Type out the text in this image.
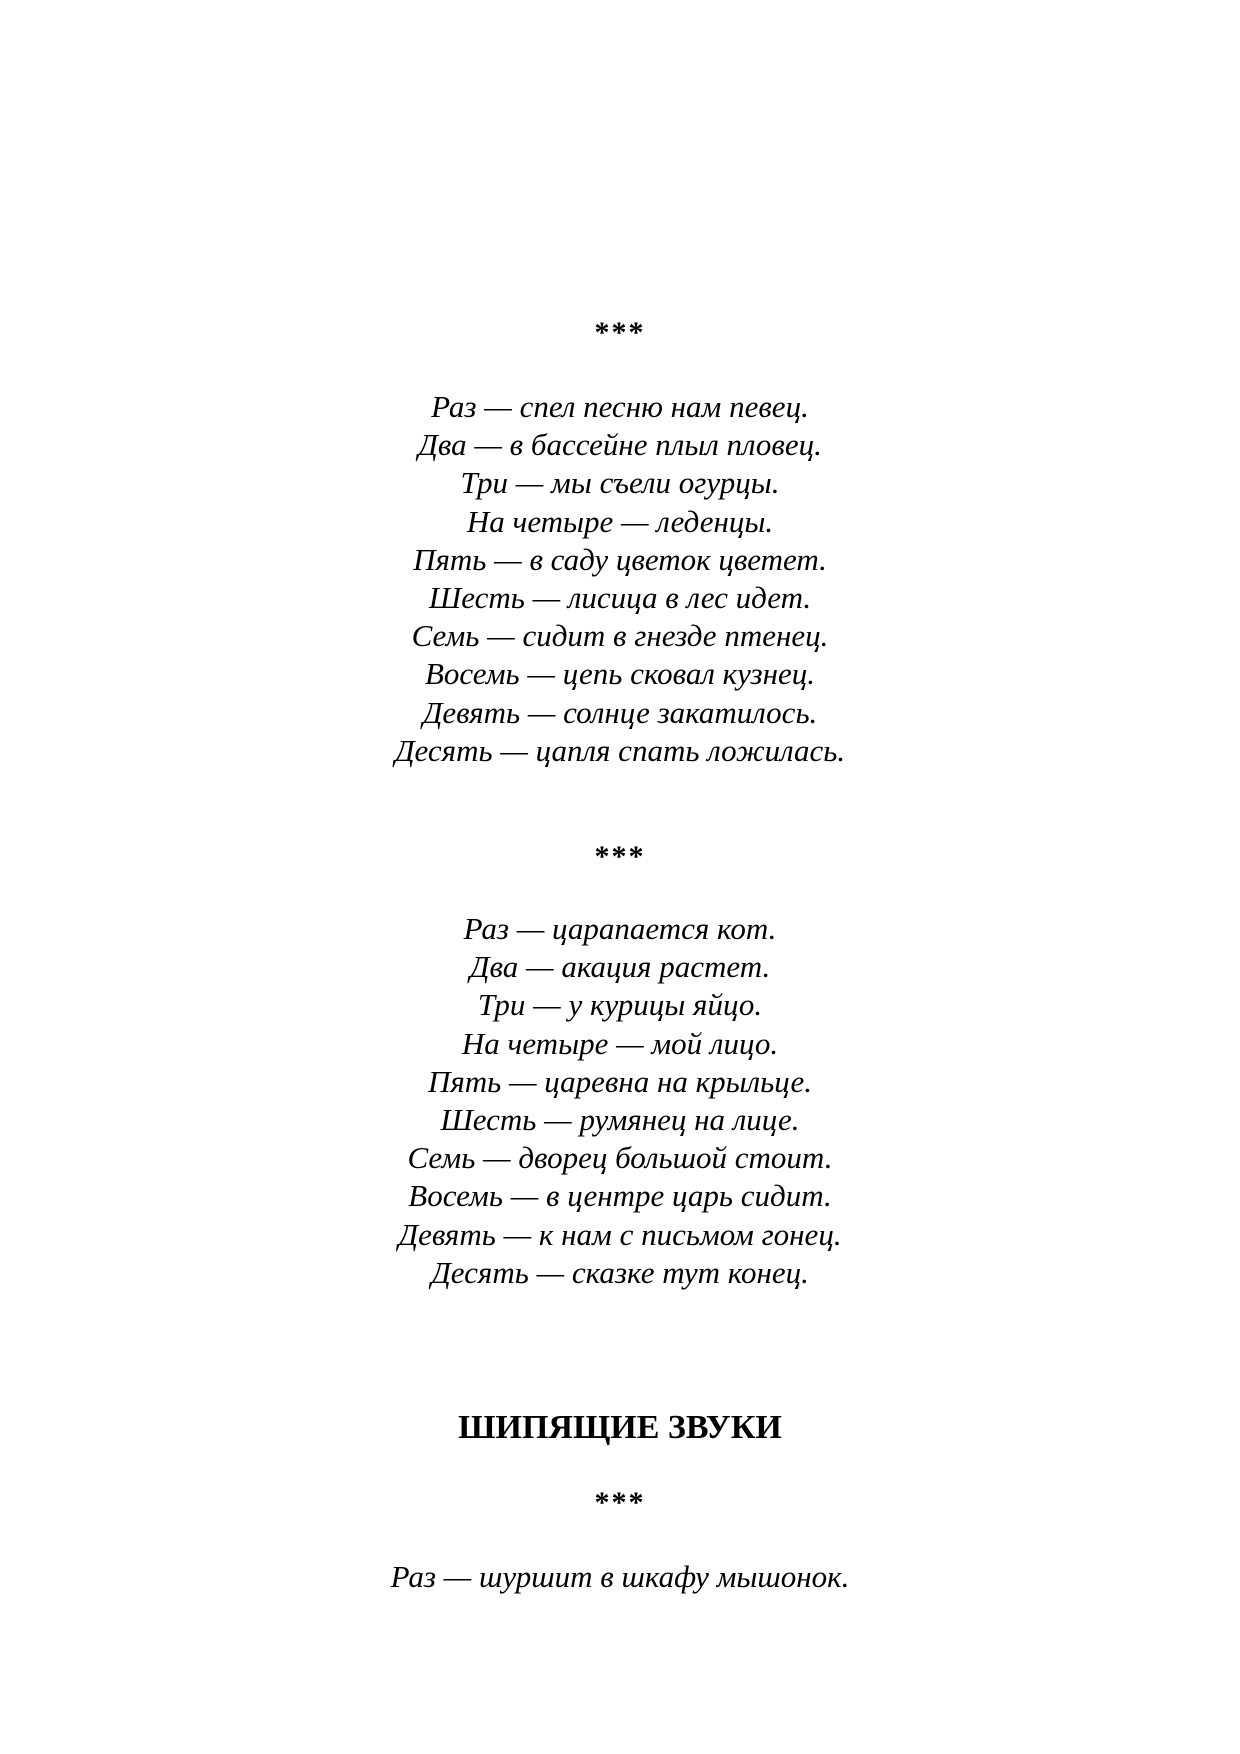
***
Раз — спел песню нам певец.
Два — в бассейне плыл пловец.
Три — мы съели огурцы.
На четыре — леденцы.
Пять — в саду цветок цветет.
Шесть — лисица в лес идет.
Семь — сидит в гнезде птенец.
Восемь — цепь сковал кузнец.
Девять — солнце закатилось.
Десять — цапля спать ложилась.
***
Раз — царапается кот.
Два — акация растет.
Три — у курицы яйцо.
На четыре — мой лицо.
Пять — царевна на крыльце.
Шесть — румянец на лице.
Семь — дворец большой стоит.
Восемь — в центре царь сидит.
Девять — к нам с письмом гонец.
Десять — сказке тут конец.
ШИПЯЩИЕ ЗВУКИ
***
Раз — шуршит в шкафу мышонок.
